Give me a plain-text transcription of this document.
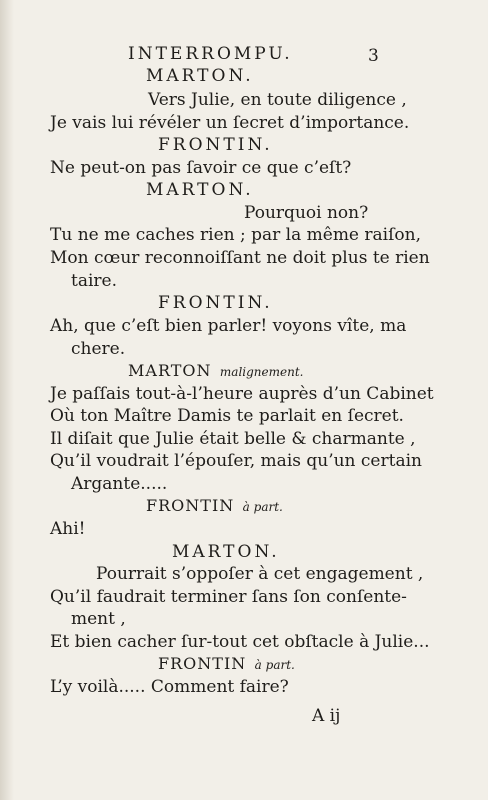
INTERROMPU.	3
MARTON.
Vers Julie, en toute diligence ,
Je vais lui révéler un ſecret d’importance.
FRONTIN.
Ne peut-on pas ſavoir ce que c’eſt?
MARTON.
Pourquoi non?
Tu ne me caches rien ; par la même raiſon,
Mon cœur reconnoiſſant ne doit plus te rien
taire.
FRONTIN.
Ah, que c’eſt bien parler! voyons vîte, ma
chere.
MARTON malignement.
Je paſſais tout-à-l’heure auprès d’un Cabinet
Où ton Maître Damis te parlait en ſecret.
Il diſait que Julie était belle & charmante ,
Qu’il voudrait l’épouſer, mais qu’un certain
Argante.....
FRONTIN à part.
Ahi!
MARTON.
Pourrait s’oppoſer à cet engagement ,
Qu’il faudrait terminer ſans ſon conſente-
ment ,
Et bien cacher ſur-tout cet obſtacle à Julie...
FRONTIN à part.
L’y voilà..... Comment faire?
A ij
